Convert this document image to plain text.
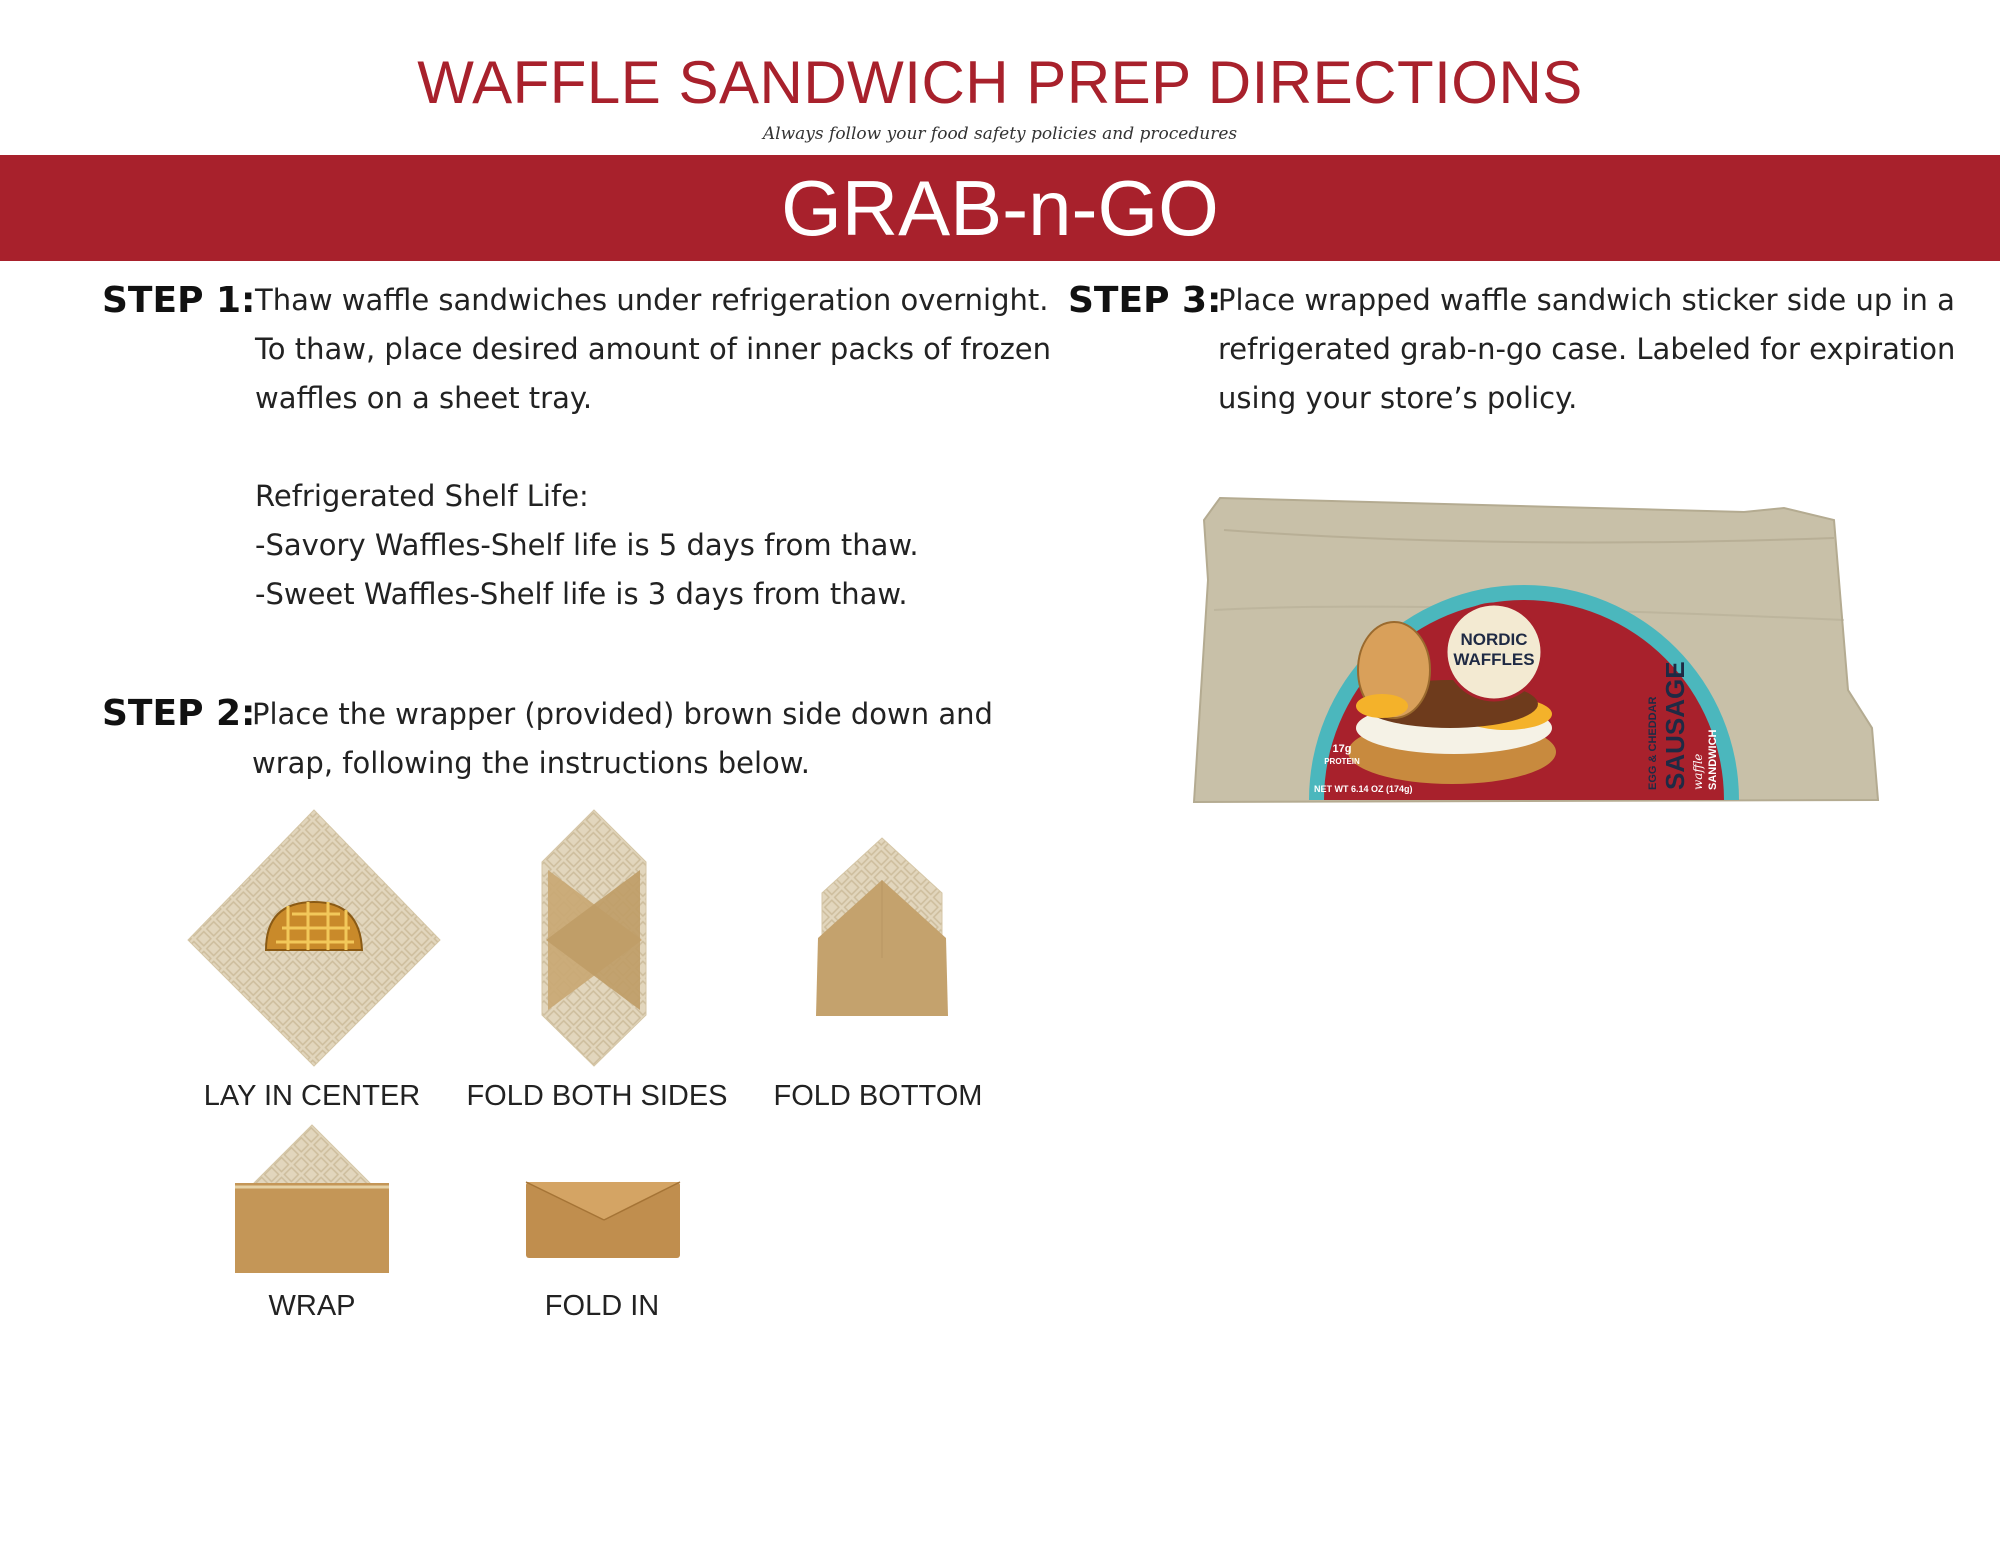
WAFFLE SANDWICH PREP DIRECTIONS
Always follow your food safety policies and procedures
GRAB-n-GO
STEP 1: Thaw waffle sandwiches under refrigeration overnight.

To thaw, place desired amount of inner packs of frozen

waffles on a sheet tray.

Refrigerated Shelf Life:

-Savory Waffles-Shelf life is 5 days from thaw.

-Sweet Waffles-Shelf life is 3 days from thaw.

STEP 2:

Place the wrapper (provided) brown side down and

wrap, following the instructions below.

STEP 3:

Place wrapped waffle sandwich sticker side up in a

refrigerated grab-n-go case. Labeled for expiration

using your store’s policy.

LAY IN CENTER	FOLD BOTH SIDES	FOLD BOTTOM
WRAP	FOLD IN
NORDIC
WAFFLES
17g
PROTEIN
NET WT 6.14 OZ (174g)	EGG & CHEDDAR SAUSAGE waffle SANDWICH
